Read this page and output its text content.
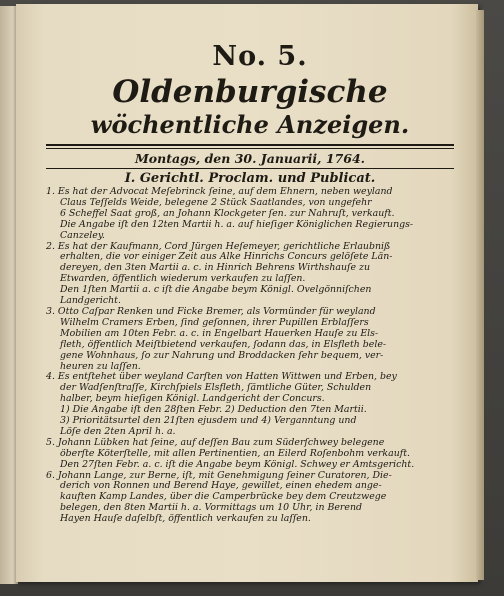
No. 5.
Oldenburgische
wöchentliche Anzeigen.
Montags, den 30. Januarii, 1764.
I. Gerichtl. Proclam. und Publicat.
1. Es hat der Advocat Meſebrinck ſeine, auf dem Ehnern, neben weyland
Claus Teſſelds Weide, belegene 2 Stück Saatlandes, von ungefehr
6 Scheffel Saat groß, an Johann Klockgeter ſen. zur Nahruſt, verkauft.
Die Angabe iſt den 12ten Martii h. a. auf hieſiger Königlichen Regierungs-
Canzeley.
2. Es hat der Kaufmann, Cord Jürgen Heſemeyer, gerichtliche Erlaubniß
erhalten, die vor einiger Zeit aus Alke Hinrichs Concurs gelöſete Län-
dereyen, den 3ten Martii a. c. in Hinrich Behrens Wirthshauſe zu
Etwarden, öffentlich wiederum verkaufen zu laſſen.
Den 1ſten Martii a. c iſt die Angabe beym Königl. Ovelgönniſchen
Landgericht.
3. Otto Caſpar Renken und Ficke Bremer, als Vormünder für weyland
Wilhelm Cramers Erben, ſind geſonnen, ihrer Pupillen Erblaſſers
Mobilien am 10ten Febr. a. c. in Engelbart Hauerken Hauſe zu Els-
fleth, öffentlich Meiſtbietend verkaufen, ſodann das, in Elsfleth bele-
gene Wohnhaus, ſo zur Nahrung und Broddacken ſehr bequem, ver-
heuren zu laſſen.
4. Es entſtehet über weyland Carſten von Hatten Wittwen und Erben, bey
der Wadſenſtraſſe, Kirchſpiels Elsfleth, ſämtliche Güter, Schulden
halber, beym hieſigen Königl. Landgericht der Concurs.
1) Die Angabe iſt den 28ſten Febr. 2) Deduction den 7ten Martii.
3) Prioritätsurtel den 21ſten ejusdem und 4) Verganntung und
Löſe den 2ten April h. a.
5. Johann Lübken hat ſeine, auf deſſen Bau zum Süderſchwey belegene
öberſte Köterſtelle, mit allen Pertinentien, an Eilerd Roſenbohm verkauft.
Den 27ſten Febr. a. c. iſt die Angabe beym Königl. Schwey er Amtsgericht.
6. Johann Lange, zur Berne, iſt, mit Genehmigung ſeiner Curatoren, Die-
derich von Ronnen und Berend Haye, gewillet, einen ehedem ange-
kauften Kamp Landes, über die Camperbrücke bey dem Creutzwege
belegen, den 8ten Martii h. a. Vormittags um 10 Uhr, in Berend
Hayen Hauſe daſelbſt, öffentlich verkaufen zu laſſen.
